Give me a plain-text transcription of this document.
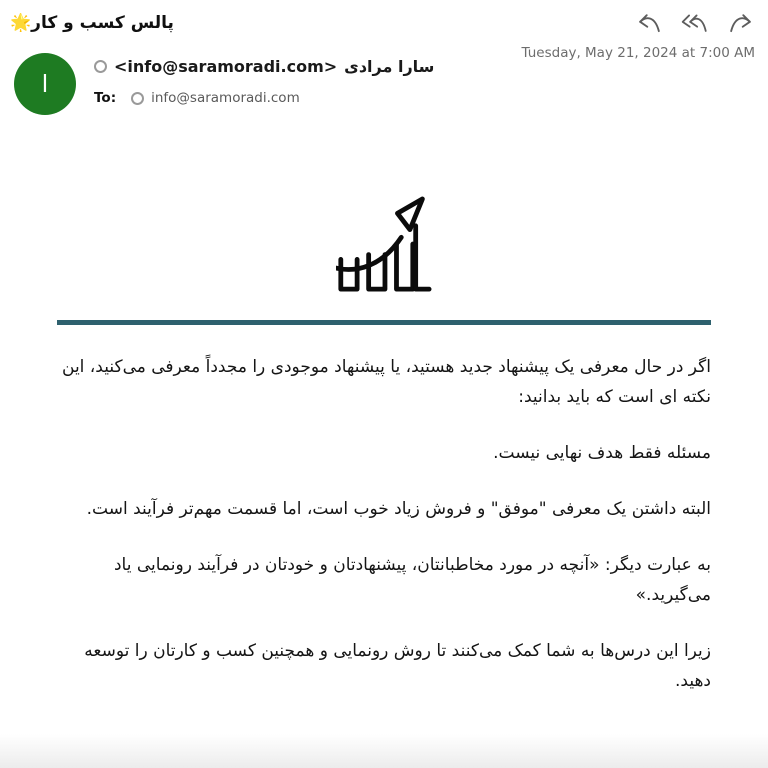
پالس کسب و کار🌟
ا
<info@saramoradi.com> سارا مرادی
To:	info@saramoradi.com
Tuesday, May 21, 2024 at 7:00 AM

اگر در حال معرفی یک پیشنهاد جدید هستید، یا پیشنهاد موجودی را مجدداً معرفی می‌کنید، این نکته ای است که باید بدانید:

مسئله فقط هدف نهایی نیست.

البته داشتن یک معرفی "موفق" و فروش زیاد خوب است، اما قسمت مهم‌تر فرآیند است.

به عبارت دیگر: «آنچه در مورد مخاطبانتان، پیشنهادتان و خودتان در فرآیند رونمایی یاد می‌گیرید.»

زیرا این درس‌ها به شما کمک می‌کنند تا روش رونمایی و همچنین کسب و کارتان را توسعه دهید.
